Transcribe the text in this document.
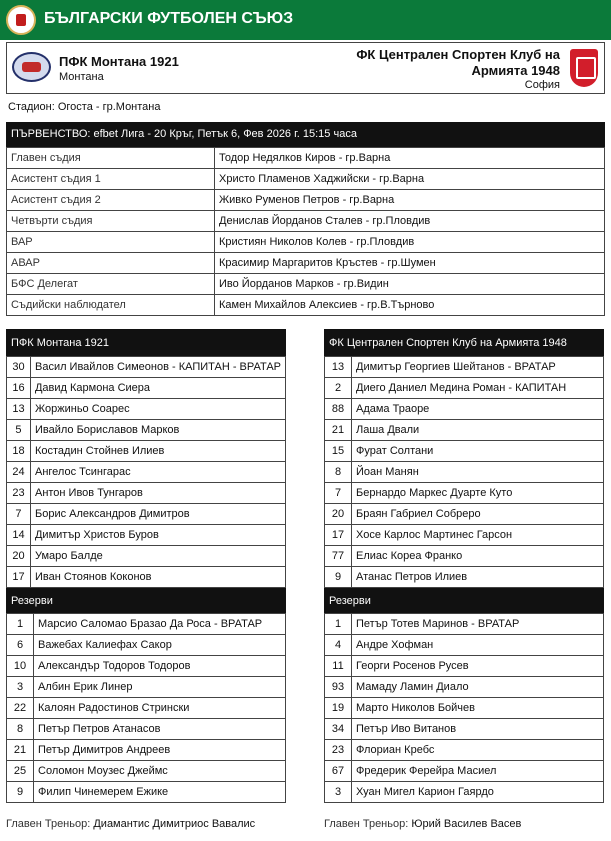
БЪЛГАРСКИ ФУТБОЛЕН СЪЮЗ
ПФК Монтана 1921
Монтана
ФК Централен Спортен Клуб на Армията 1948
София
Стадион: Огоста - гр.Монтана
ПЪРВЕНСТВО: efbet Лига - 20 Кръг, Петък 6, Фев 2026 г. 15:15 часа
Главен съдия	Тодор Недялков Киров - гр.Варна
Асистент съдия 1	Христо Пламенов Хаджийски - гр.Варна
Асистент съдия 2	Живко Руменов Петров - гр.Варна
Четвърти съдия	Денислав Йорданов Сталев - гр.Пловдив
ВАР	Кристиян Николов Колев - гр.Пловдив
АВАР	Красимир Маргаритов Кръстев - гр.Шумен
БФС Делегат	Иво Йорданов Марков - гр.Видин
Съдийски наблюдател	Камен Михайлов Алексиев - гр.В.Търново
ПФК Монтана 1921
30	Васил Ивайлов Симеонов - КАПИТАН - ВРАТАР
16	Давид Кармона Сиера
13	Жоржиньо Соарес
5	Ивайло Бориславов Марков
18	Костадин Стойнев Илиев
24	Ангелос Тсингарас
23	Антон Ивов Тунгаров
7	Борис Александров Димитров
14	Димитър Христов Буров
20	Умаро Балде
17	Иван Стоянов Коконов
Резерви
1	Марсио Саломао Бразао Да Роса - ВРАТАР
6	Важебах Калиефах Сакор
10	Александър Тодоров Тодоров
3	Албин Ерик Линер
22	Калоян Радостинов Стрински
8	Петър Петров Атанасов
21	Петър Димитров Андреев
25	Соломон Моузес Джеймс
9	Филип Чинемерем Ежике
ФК Централен Спортен Клуб на Армията 1948
13	Димитър Георгиев Шейтанов - ВРАТАР
2	Диего Даниел Медина Роман - КАПИТАН
88	Адама Траоре
21	Лаша Двали
15	Фурат Солтани
8	Йоан Манян
7	Бернардо Маркес Дуарте Куто
20	Браян Габриел Собреро
17	Хосе Карлос Мартинес Гарсон
77	Елиас Кореа Франко
9	Атанас Петров Илиев
Резерви
1	Петър Тотев Маринов - ВРАТАР
4	Андре Хофман
11	Георги Росенов Русев
93	Мамаду Ламин Диало
19	Марто Николов Бойчев
34	Петър Иво Витанов
23	Флориан Кребс
67	Фредерик Ферейра Масиел
3	Хуан Мигел Карион Гаярдо
Главен Треньор: Диамантис Димитриос Вавалис	Главен Треньор: Юрий Василев Васев
